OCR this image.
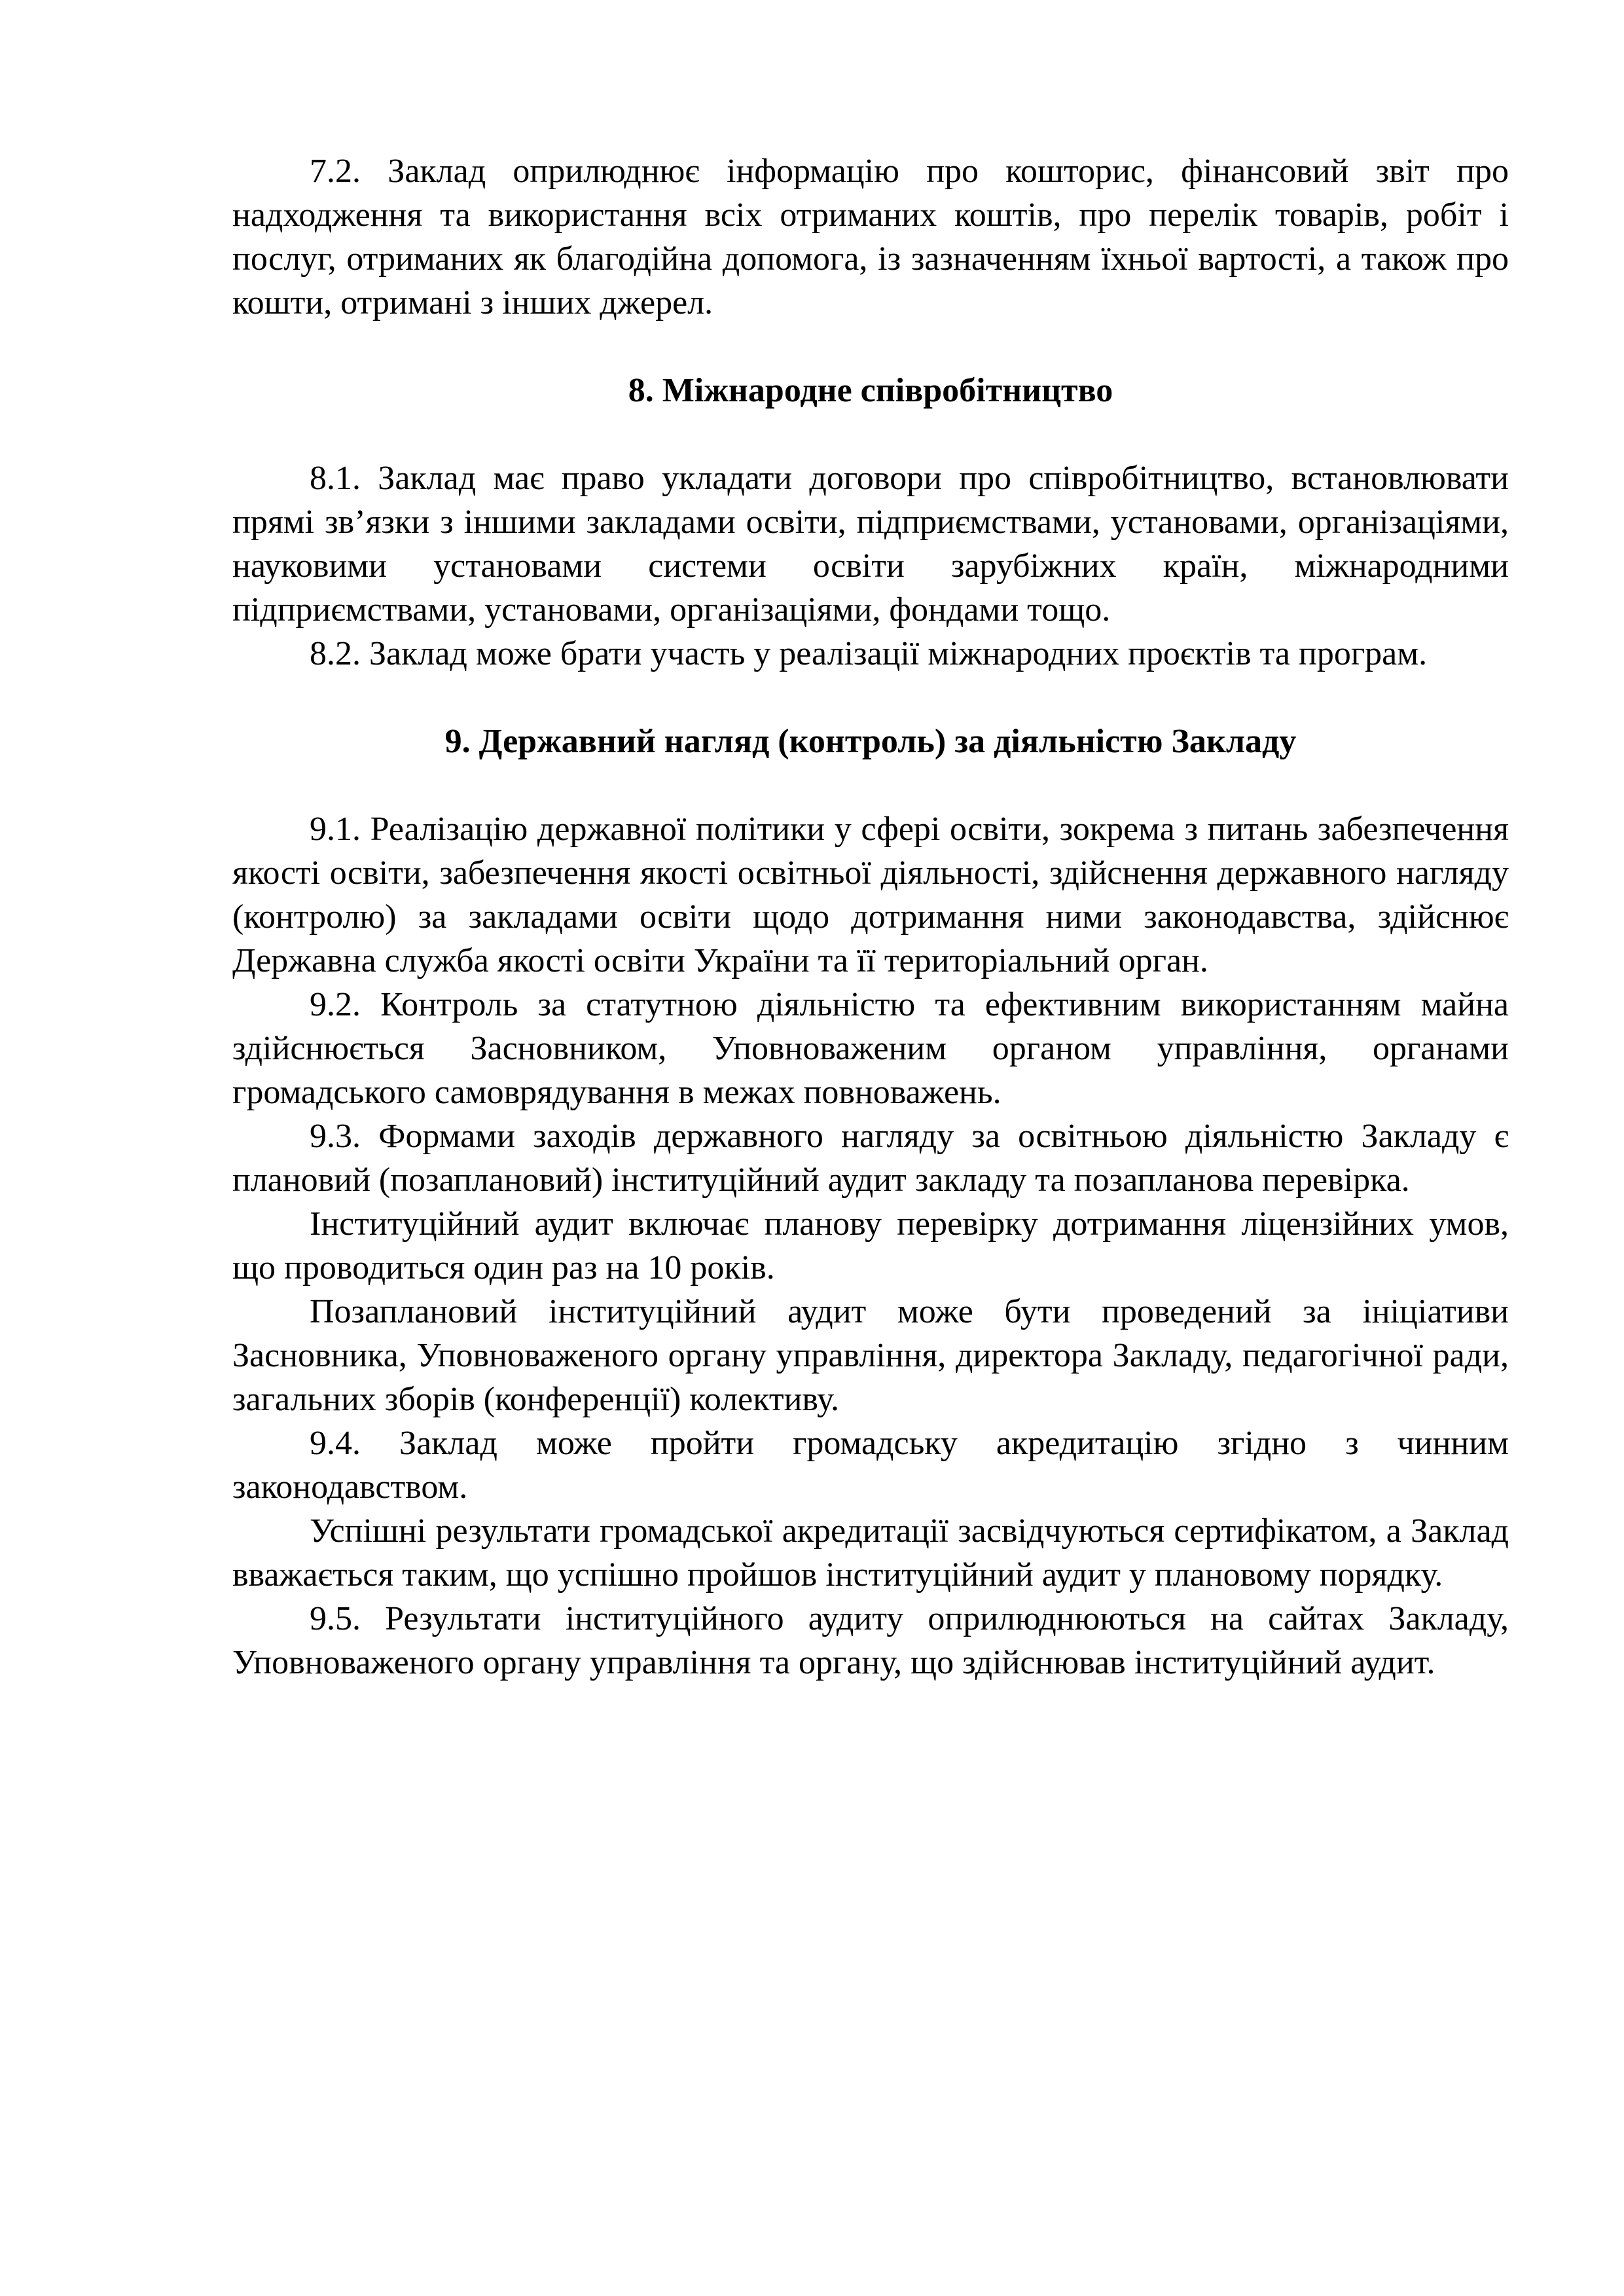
7.2. Заклад оприлюднює інформацію про кошторис, фінансовий звіт про надходження та використання всіх отриманих коштів, про перелік товарів, робіт і послуг, отриманих як благодійна допомога, із зазначенням їхньої вартості, а також про кошти, отримані з інших джерел.

8. Міжнародне співробітництво

8.1. Заклад має право укладати договори про співробітництво, встановлювати прямі зв’язки з іншими закладами освіти, підприємствами, установами, організаціями, науковими установами системи освіти зарубіжних країн, міжнародними підприємствами, установами, організаціями, фондами тощо.

8.2. Заклад може брати участь у реалізації міжнародних проєктів та програм.

9. Державний нагляд (контроль) за діяльністю Закладу

9.1. Реалізацію державної політики у сфері освіти, зокрема з питань забезпечення якості освіти, забезпечення якості освітньої діяльності, здійснення державного нагляду (контролю) за закладами освіти щодо дотримання ними законодавства, здійснює Державна служба якості освіти України та її територіальний орган.

9.2. Контроль за статутною діяльністю та ефективним використанням майна здійснюється Засновником, Уповноваженим органом управління, органами громадського самоврядування в межах повноважень.

9.3. Формами заходів державного нагляду за освітньою діяльністю Закладу є плановий (позаплановий) інституційний аудит закладу та позапланова перевірка.

Інституційний аудит включає планову перевірку дотримання ліцензійних умов, що проводиться один раз на 10 років.

Позаплановий інституційний аудит може бути проведений за ініціативи Засновника, Уповноваженого органу управління, директора Закладу, педагогічної ради, загальних зборів (конференції) колективу.

9.4. Заклад може пройти громадську акредитацію згідно з чинним законодавством.

Успішні результати громадської акредитації засвідчуються сертифікатом, а Заклад вважається таким, що успішно пройшов інституційний аудит у плановому порядку.

9.5. Результати інституційного аудиту оприлюднюються на сайтах Закладу, Уповноваженого органу управління та органу, що здійснював інституційний аудит.
